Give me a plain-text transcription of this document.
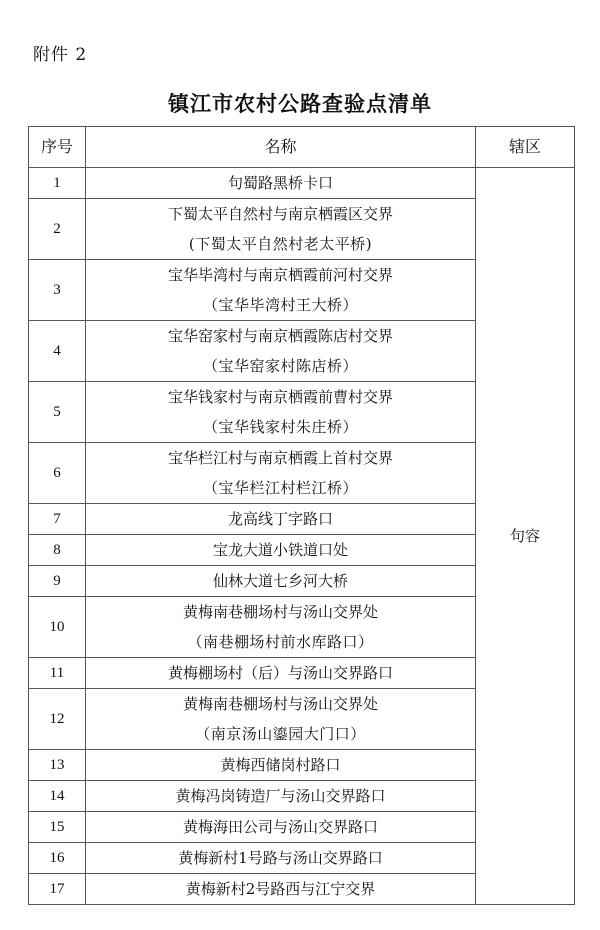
附件 2
镇江市农村公路查验点清单
序号	名称	辖区
1	句蜀路黑桥卡口	句容
2	下蜀太平自然村与南京栖霞区交界
(下蜀太平自然村老太平桥)	

3	宝华毕湾村与南京栖霞前河村交界
（宝华毕湾村王大桥）	

4	宝华窑家村与南京栖霞陈店村交界
（宝华窑家村陈店桥）	

5	宝华钱家村与南京栖霞前曹村交界
（宝华钱家村朱庄桥）	

6	宝华栏江村与南京栖霞上首村交界
（宝华栏江村栏江桥）	

7	龙高线丁字路口	

8	宝龙大道小铁道口处	

9	仙林大道七乡河大桥	

10	黄梅南巷棚场村与汤山交界处
（南巷棚场村前水库路口）	

11	黄梅棚场村（后）与汤山交界路口	

12	黄梅南巷棚场村与汤山交界处
（南京汤山鎏园大门口）	

13	黄梅西储岗村路口	

14	黄梅冯岗铸造厂与汤山交界路口	

15	黄梅海田公司与汤山交界路口	

16	黄梅新村1号路与汤山交界路口	

17	黄梅新村2号路西与江宁交界	
